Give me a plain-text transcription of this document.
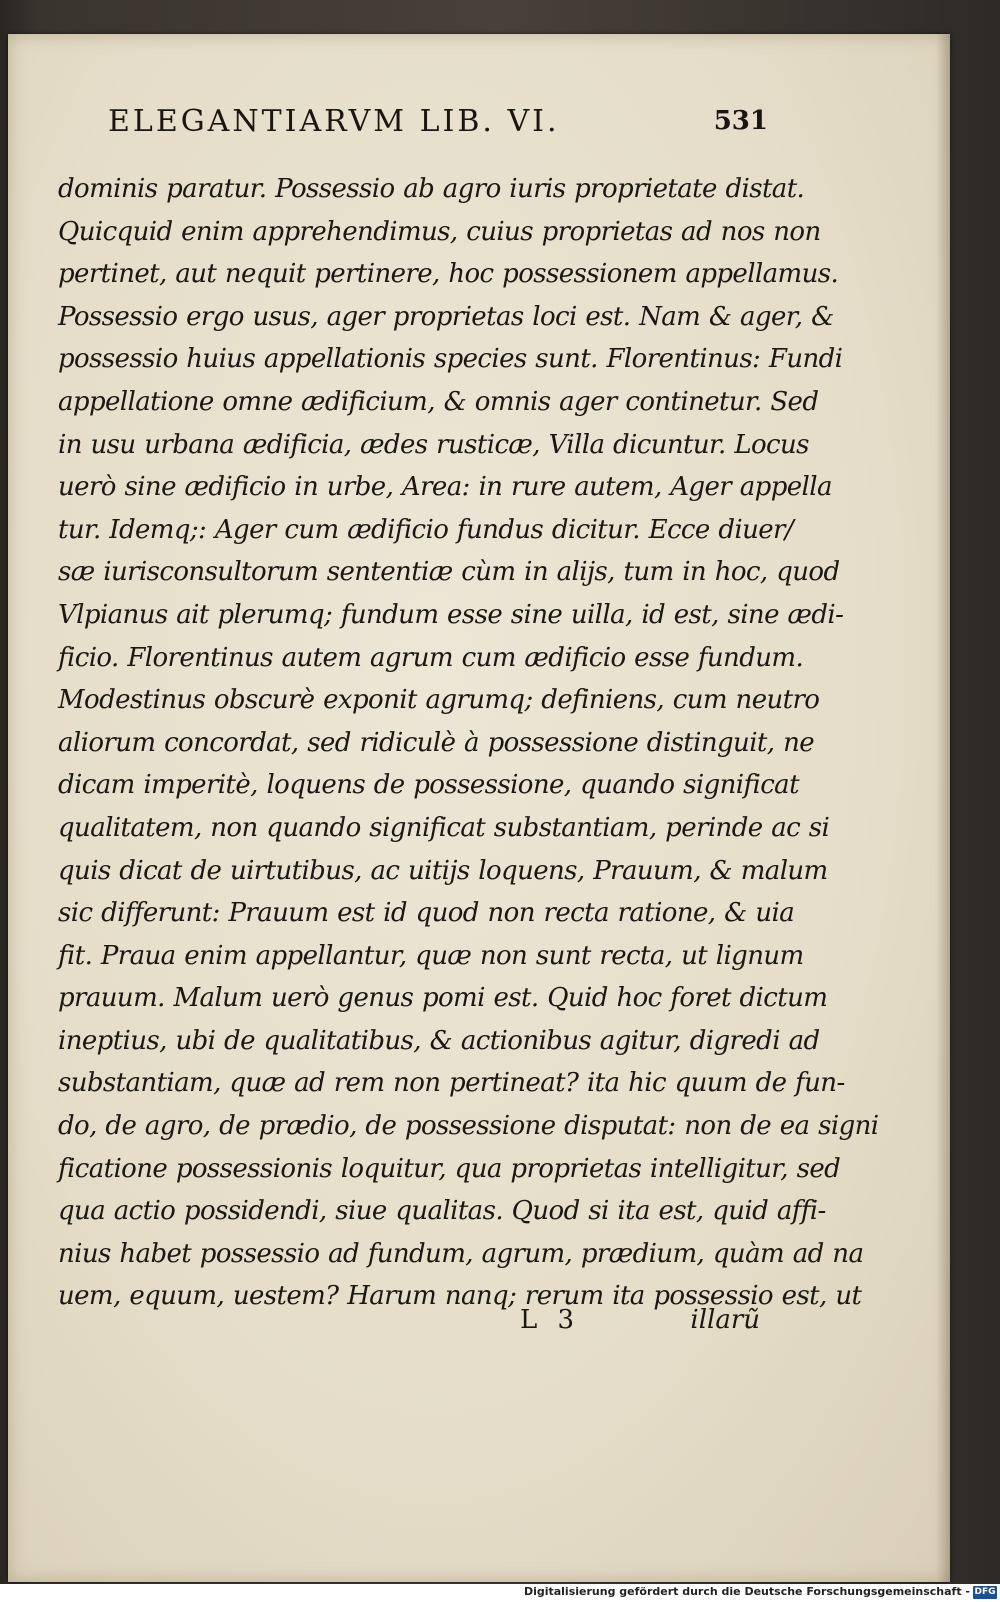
ELEGANTIARVM LIB. VI.	531
dominis paratur. Possessio ab agro iuris proprietate distat.
Quicquid enim apprehendimus, cuius proprietas ad nos non
pertinet, aut nequit pertinere, hoc possessionem appellamus.
Possessio ergo usus, ager proprietas loci est. Nam & ager, &
possessio huius appellationis species sunt. Florentinus: Fundi
appellatione omne ædificium, & omnis ager continetur. Sed
in usu urbana ædificia, ædes rusticæ, Villa dicuntur. Locus
uerò sine ædificio in urbe, Area: in rure autem, Ager appella
tur. Idemq;: Ager cum ædificio fundus dicitur. Ecce diuer/
sæ iurisconsultorum sententiæ cùm in alijs, tum in hoc, quod
Vlpianus ait plerumq; fundum esse sine uilla, id est, sine ædi-
ficio. Florentinus autem agrum cum ædificio esse fundum.
Modestinus obscurè exponit agrumq; definiens, cum neutro
aliorum concordat, sed ridiculè à possessione distinguit, ne
dicam imperitè, loquens de possessione, quando significat
qualitatem, non quando significat substantiam, perinde ac si
quis dicat de uirtutibus, ac uitijs loquens, Prauum, & malum
sic differunt: Prauum est id quod non recta ratione, & uia
fit. Praua enim appellantur, quæ non sunt recta, ut lignum
prauum. Malum uerò genus pomi est. Quid hoc foret dictum
ineptius, ubi de qualitatibus, & actionibus agitur, digredi ad
substantiam, quæ ad rem non pertineat? ita hic quum de fun-
do, de agro, de prædio, de possessione disputat: non de ea signi
ficatione possessionis loquitur, qua proprietas intelligitur, sed
qua actio possidendi, siue qualitas. Quod si ita est, quid affi-
nius habet possessio ad fundum, agrum, prædium, quàm ad na
uem, equum, uestem? Harum nanq; rerum ita possessio est, ut
L 3	illarũ
Digitalisierung gefördert durch die Deutsche Forschungsgemeinschaft - DFG
